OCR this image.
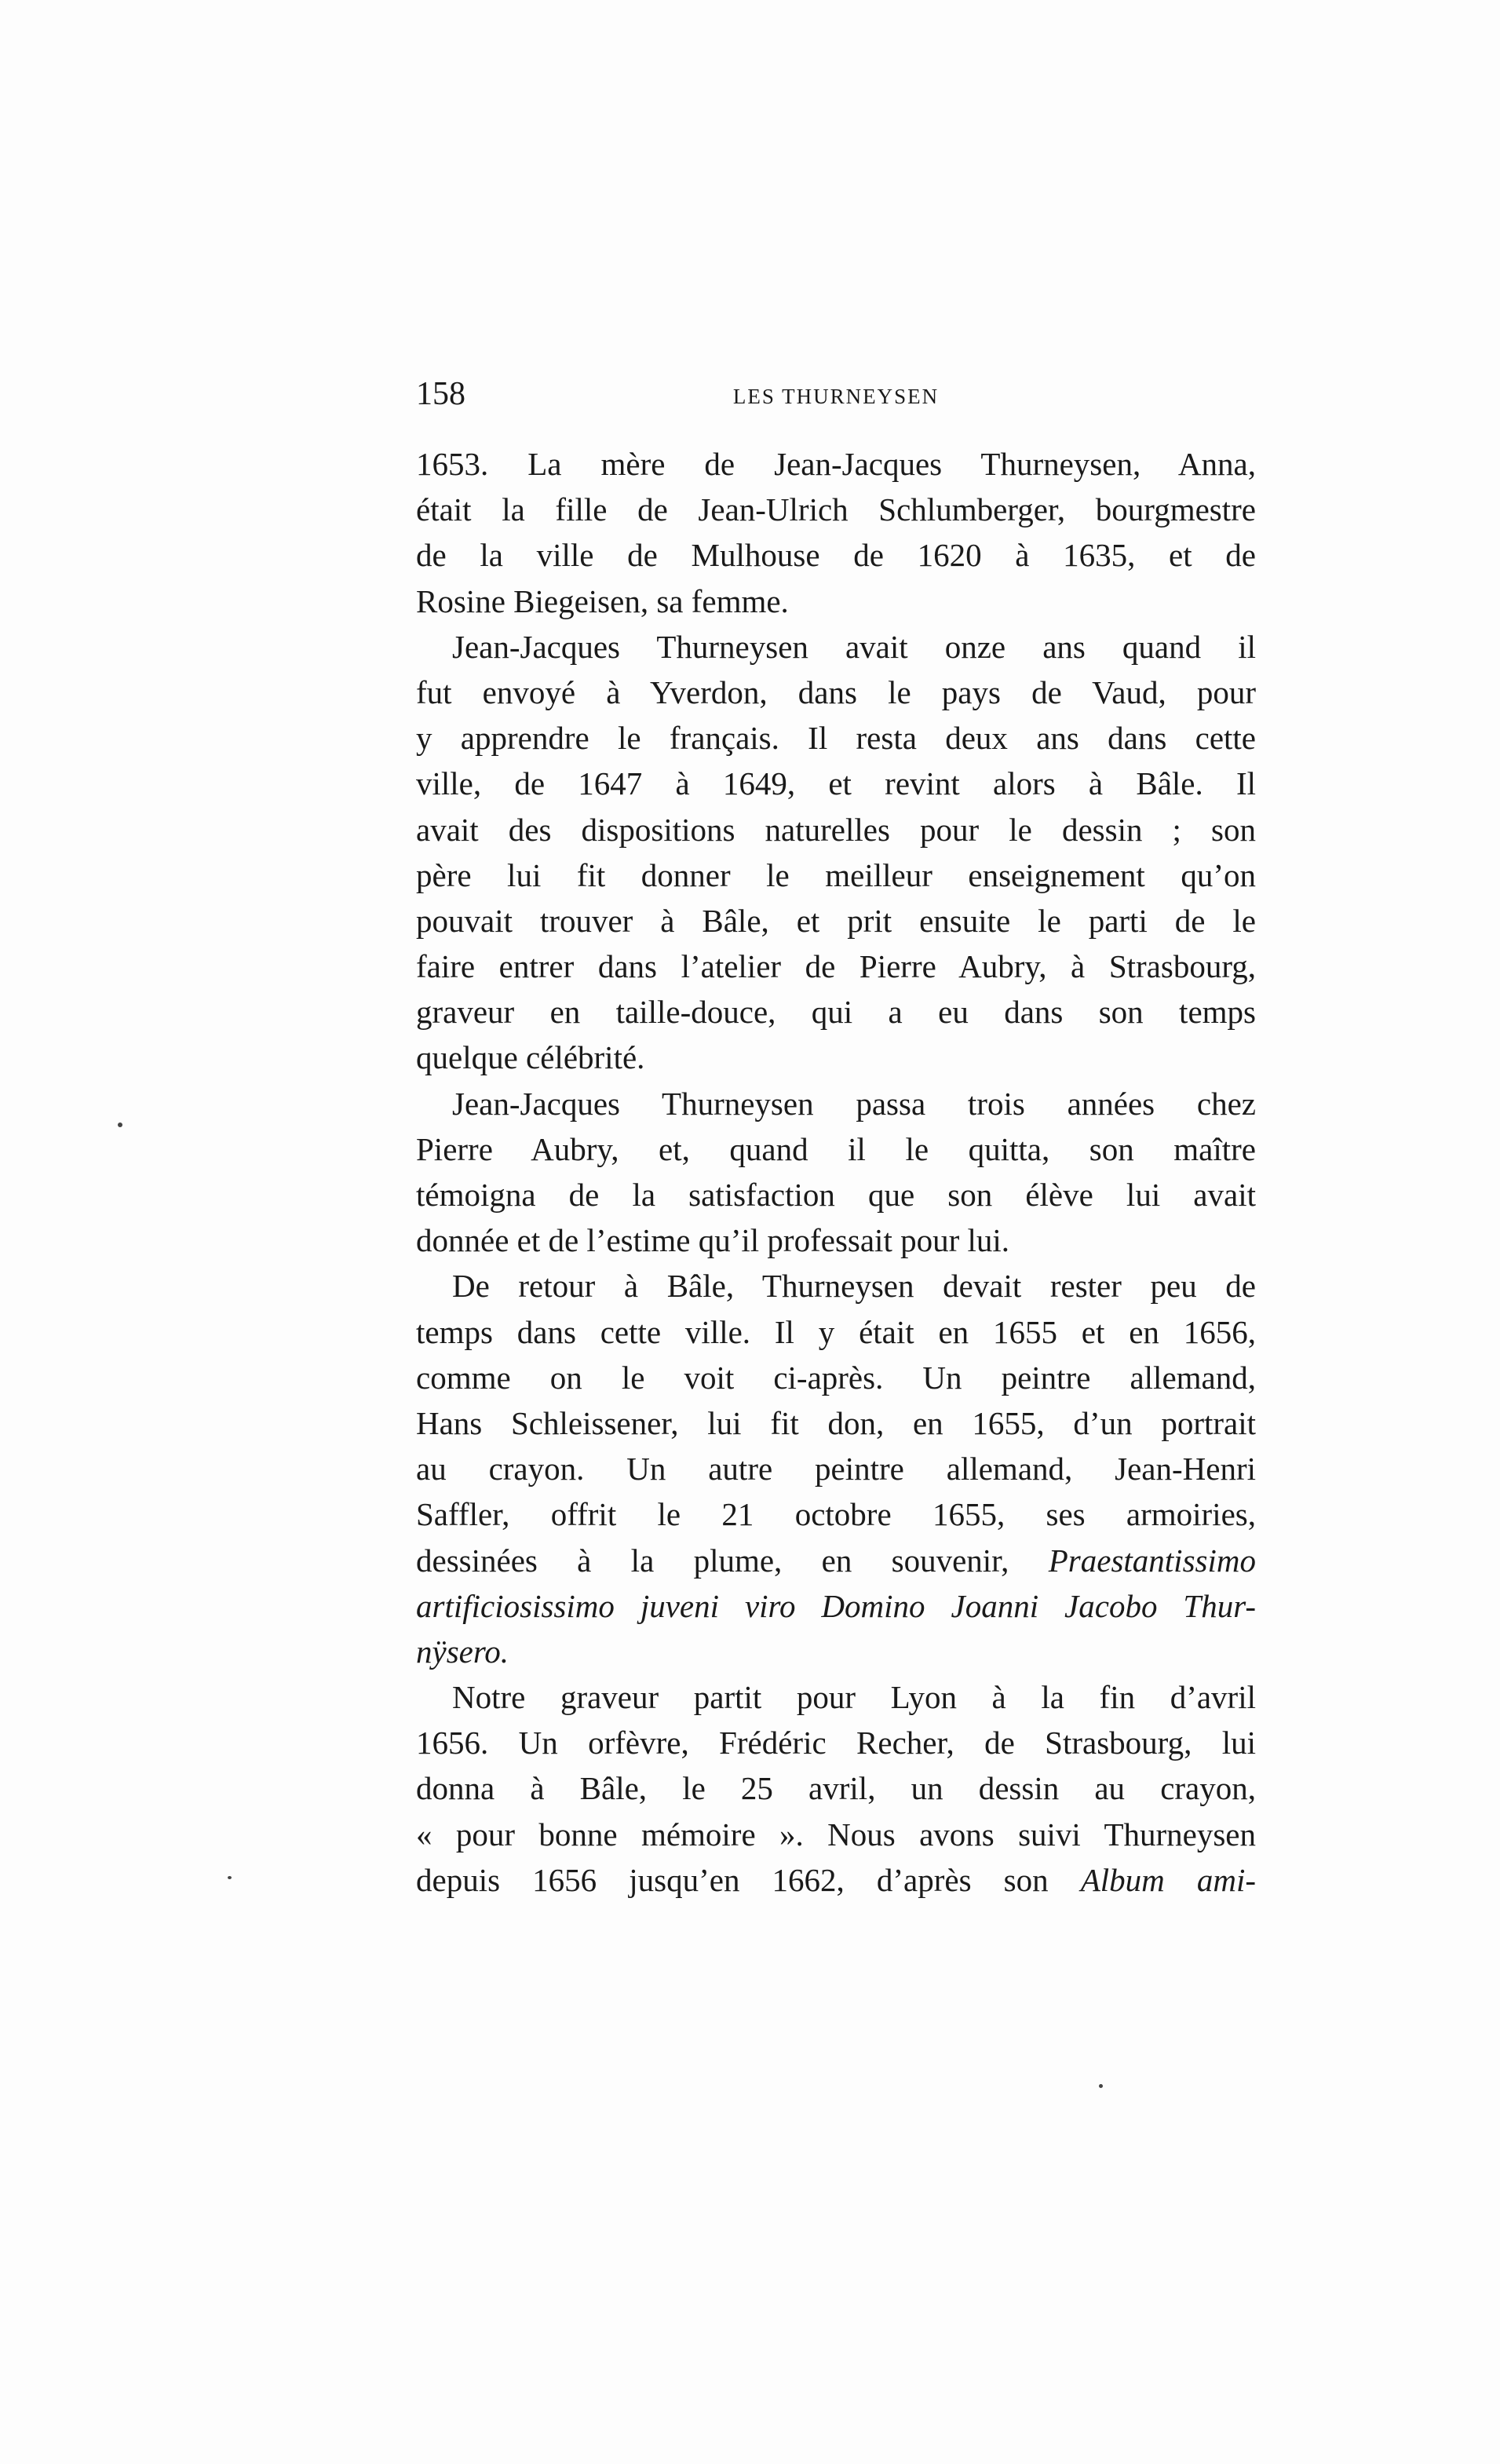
158	LES THURNEYSEN
1653. La mère de Jean-Jacques Thurneysen, Anna,
était la fille de Jean-Ulrich Schlumberger, bourgmestre
de la ville de Mulhouse de 1620 à 1635, et de
Rosine Biegeisen, sa femme.
Jean-Jacques Thurneysen avait onze ans quand il
fut envoyé à Yverdon, dans le pays de Vaud, pour
y apprendre le français. Il resta deux ans dans cette
ville, de 1647 à 1649, et revint alors à Bâle. Il
avait des dispositions naturelles pour le dessin ; son
père lui fit donner le meilleur enseignement qu’on
pouvait trouver à Bâle, et prit ensuite le parti de le
faire entrer dans l’atelier de Pierre Aubry, à Strasbourg,
graveur en taille-douce, qui a eu dans son temps
quelque célébrité.
Jean-Jacques Thurneysen passa trois années chez
Pierre Aubry, et, quand il le quitta, son maître
témoigna de la satisfaction que son élève lui avait
donnée et de l’estime qu’il professait pour lui.
De retour à Bâle, Thurneysen devait rester peu de
temps dans cette ville. Il y était en 1655 et en 1656,
comme on le voit ci-après. Un peintre allemand,
Hans Schleissener, lui fit don, en 1655, d’un portrait
au crayon. Un autre peintre allemand, Jean-Henri
Saffler, offrit le 21 octobre 1655, ses armoiries,
dessinées à la plume, en souvenir, Praestantissimo
artificiosissimo juveni viro Domino Joanni Jacobo Thur-
nÿsero.
Notre graveur partit pour Lyon à la fin d’avril
1656. Un orfèvre, Frédéric Recher, de Strasbourg, lui
donna à Bâle, le 25 avril, un dessin au crayon,
« pour bonne mémoire ». Nous avons suivi Thurneysen
depuis 1656 jusqu’en 1662, d’après son Album ami-
